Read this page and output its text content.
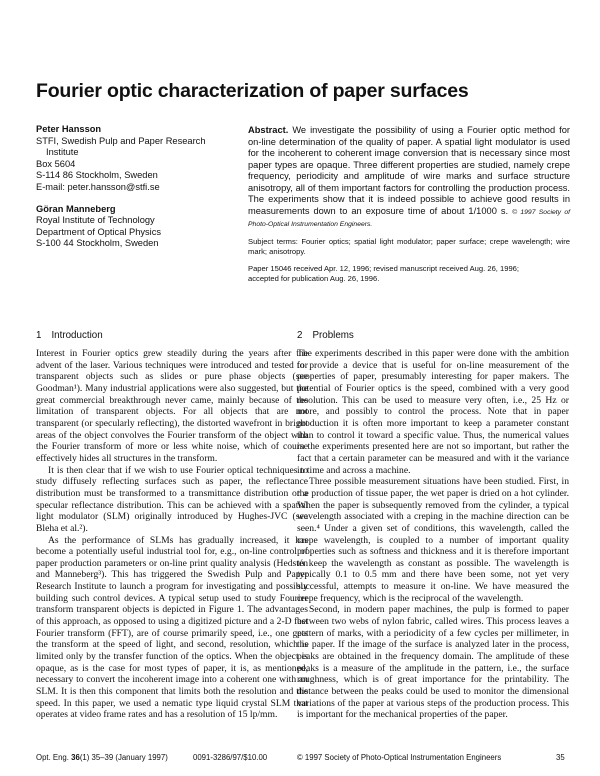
Fourier optic characterization of paper surfaces
Peter Hansson
STFI, Swedish Pulp and Paper Research
Institute
Box 5604
S-114 86 Stockholm, Sweden
E-mail: peter.hansson@stfi.se
Göran Manneberg
Royal Institute of Technology
Department of Optical Physics
S-100 44 Stockholm, Sweden
Abstract. We investigate the possibility of using a Fourier optic method for on-line determination of the quality of paper. A spatial light modulator is used for the incoherent to coherent image conversion that is necessary since most paper types are opaque. Three different properties are studied, namely crepe frequency, periodicity and amplitude of wire marks and surface structure anisotropy, all of them important factors for controlling the production process. The experiments show that it is indeed possible to achieve good results in measurements down to an exposure time of about 1/1000 s. © 1997 Society of Photo-Optical Instrumentation Engineers.
Subject terms: Fourier optics; spatial light modulator; paper surface; crepe wavelength; wire mark; anisotropy.
Paper 15046 received Apr. 12, 1996; revised manuscript received Aug. 26, 1996;
accepted for publication Aug. 26, 1996.
1 Introduction

Interest in Fourier optics grew steadily during the years after the advent of the laser. Various techniques were introduced and tested for transparent objects such as slides or pure phase objects (see Goodman¹). Many industrial applications were also suggested, but the great commercial breakthrough never came, mainly because of the limitation of transparent objects. For all objects that are not transparent (or specularly reflecting), the distorted wavefront in bright areas of the object convolves the Fourier transform of the object with the Fourier transform of more or less white noise, which of course effectively hides all structures in the transform.

It is then clear that if we wish to use Fourier optical techniques to study diffusely reflecting surfaces such as paper, the reflectance distribution must be transformed to a transmittance distribution or a specular reflectance distribution. This can be achieved with a spatial light modulator (SLM) originally introduced by Hughes-JVC (see Bleha et al.²).

As the performance of SLMs has gradually increased, it has become a potentially useful industrial tool for, e.g., on-line control of paper production parameters or on-line print quality analysis (Hedstén and Manneberg³). This has triggered the Swedish Pulp and Paper Research Institute to launch a program for investigating and possibly building such control devices. A typical setup used to study Fourier transform transparent objects is depicted in Figure 1. The advantages of this approach, as opposed to using a digitized picture and a 2-D fast Fourier transform (FFT), are of course primarily speed, i.e., one gets the transform at the speed of light, and second, resolution, which is limited only by the transfer function of the optics. When the object is opaque, as is the case for most types of paper, it is, as mentioned, necessary to convert the incoherent image into a coherent one with an SLM. It is then this component that limits both the resolution and the speed. In this paper, we used a nematic type liquid crystal SLM that operates at video frame rates and has a resolution of 15 lp/mm.

2 Problems

The experiments described in this paper were done with the ambition to provide a device that is useful for on-line measurement of the properties of paper, presumably interesting for paper makers. The potential of Fourier optics is the speed, combined with a very good resolution. This can be used to measure very often, i.e., 25 Hz or more, and possibly to control the process. Note that in paper production it is often more important to keep a parameter constant than to control it toward a specific value. Thus, the numerical values in the experiments presented here are not so important, but rather the fact that a certain parameter can be measured and with it the variance in time and across a machine.

Three possible measurement situations have been studied. First, in the production of tissue paper, the wet paper is dried on a hot cylinder. When the paper is subsequently removed from the cylinder, a typical wavelength associated with a creping in the machine direction can be seen.⁴ Under a given set of conditions, this wavelength, called the crepe wavelength, is coupled to a number of important quality properties such as softness and thickness and it is therefore important to keep the wavelength as constant as possible. The wavelength is typically 0.1 to 0.5 mm and there have been some, not yet very successful, attempts to measure it on-line. We have measured the crepe frequency, which is the reciprocal of the wavelength.

Second, in modern paper machines, the pulp is formed to paper between two webs of nylon fabric, called wires. This process leaves a pattern of marks, with a periodicity of a few cycles per millimeter, in the paper. If the image of the surface is analyzed later in the process, peaks are obtained in the frequency domain. The amplitude of these peaks is a measure of the amplitude in the pattern, i.e., the surface roughness, which is of great importance for the printability. The distance between the peaks could be used to monitor the dimensional variations of the paper at various steps of the production process. This is important for the mechanical properties of the paper.

Opt. Eng. 36(1) 35–39 (January 1997)	0091-3286/97/$10.00	© 1997 Society of Photo-Optical Instrumentation Engineers	35
